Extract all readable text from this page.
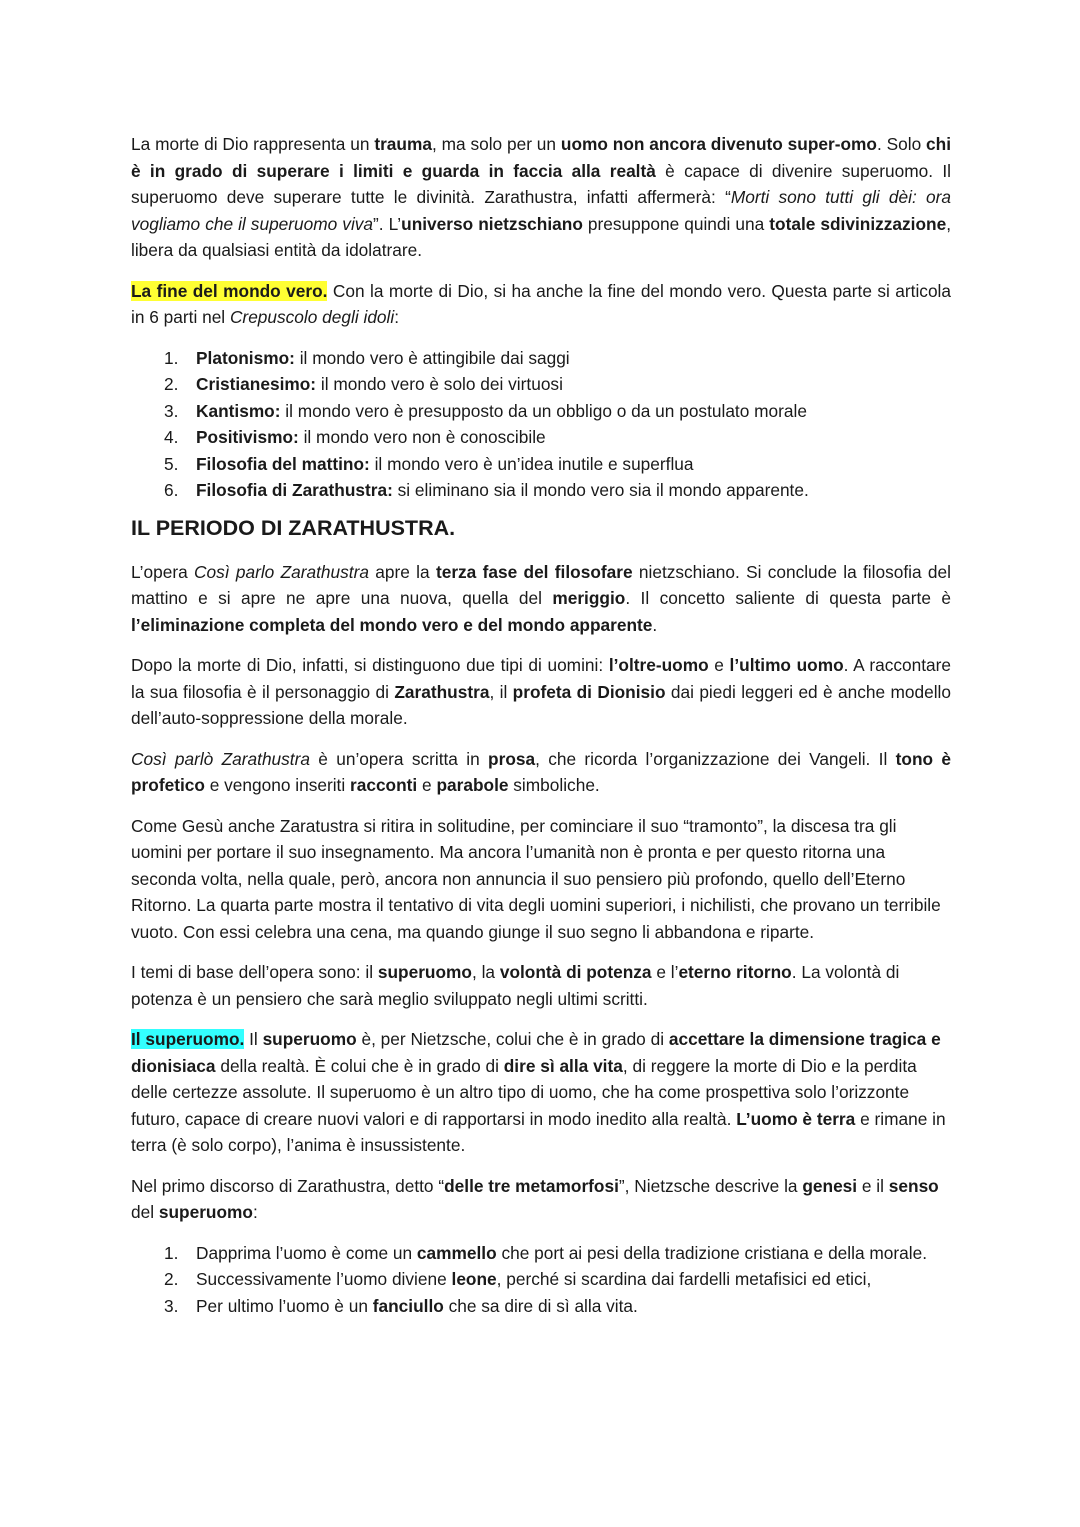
La morte di Dio rappresenta un trauma, ma solo per un uomo non ancora divenuto super-omo. Solo chi è in grado di superare i limiti e guarda in faccia alla realtà è capace di divenire superuomo. Il superuomo deve superare tutte le divinità. Zarathustra, infatti affermerà: “Morti sono tutti gli dèi: ora vogliamo che il superuomo viva”. L’universo nietzschiano presuppone quindi una totale sdivinizzazione, libera da qualsiasi entità da idolatrare.

La fine del mondo vero. Con la morte di Dio, si ha anche la fine del mondo vero. Questa parte si articola in 6 parti nel Crepuscolo degli idoli:

1. Platonismo: il mondo vero è attingibile dai saggi
2. Cristianesimo: il mondo vero è solo dei virtuosi
3. Kantismo: il mondo vero è presupposto da un obbligo o da un postulato morale
4. Positivismo: il mondo vero non è conoscibile
5. Filosofia del mattino: il mondo vero è un’idea inutile e superflua
6. Filosofia di Zarathustra: si eliminano sia il mondo vero sia il mondo apparente.
IL PERIODO DI ZARATHUSTRA.

L’opera Così parlo Zarathustra apre la terza fase del filosofare nietzschiano. Si conclude la filosofia del mattino e si apre ne apre una nuova, quella del meriggio. Il concetto saliente di questa parte è l’eliminazione completa del mondo vero e del mondo apparente.

Dopo la morte di Dio, infatti, si distinguono due tipi di uomini: l’oltre-uomo e l’ultimo uomo. A raccontare la sua filosofia è il personaggio di Zarathustra, il profeta di Dionisio dai piedi leggeri ed è anche modello dell’auto-soppressione della morale.

Così parlò Zarathustra è un’opera scritta in prosa, che ricorda l’organizzazione dei Vangeli. Il tono è profetico e vengono inseriti racconti e parabole simboliche.

Come Gesù anche Zaratustra si ritira in solitudine, per cominciare il suo “tramonto”, la discesa tra gli uomini per portare il suo insegnamento. Ma ancora l’umanità non è pronta e per questo ritorna una seconda volta, nella quale, però, ancora non annuncia il suo pensiero più profondo, quello dell’Eterno Ritorno. La quarta parte mostra il tentativo di vita degli uomini superiori, i nichilisti, che provano un terribile vuoto. Con essi celebra una cena, ma quando giunge il suo segno li abbandona e riparte.

I temi di base dell’opera sono: il superuomo, la volontà di potenza e l’eterno ritorno. La volontà di potenza è un pensiero che sarà meglio sviluppato negli ultimi scritti.

Il superuomo. Il superuomo è, per Nietzsche, colui che è in grado di accettare la dimensione tragica e dionisiaca della realtà. È colui che è in grado di dire sì alla vita, di reggere la morte di Dio e la perdita delle certezze assolute. Il superuomo è un altro tipo di uomo, che ha come prospettiva solo l’orizzonte futuro, capace di creare nuovi valori e di rapportarsi in modo inedito alla realtà. L’uomo è terra e rimane in terra (è solo corpo), l’anima è insussistente.

Nel primo discorso di Zarathustra, detto “delle tre metamorfosi”, Nietzsche descrive la genesi e il senso del superuomo:

1. Dapprima l’uomo è come un cammello che port ai pesi della tradizione cristiana e della morale.
2. Successivamente l’uomo diviene leone, perché si scardina dai fardelli metafisici ed etici,
3. Per ultimo l’uomo è un fanciullo che sa dire di sì alla vita.
